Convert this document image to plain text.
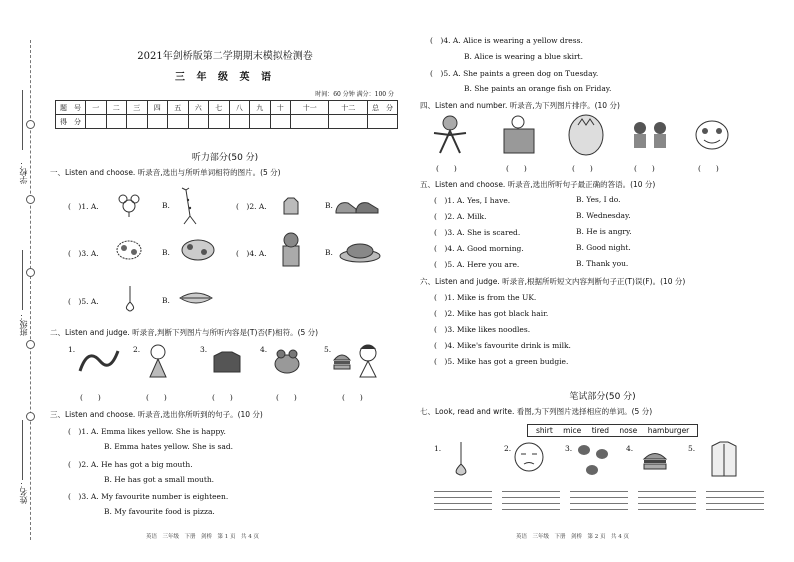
学校：
班级：
姓名：
2021年剑桥版第二学期期末模拟检测卷
三 年 级 英 语
时间：60 分钟 满分：100 分
题　号	一	二	三	四	五	六	七	八	九	十	十一	十二	总　分
得　分													
听力部分(50 分)
一、Listen and choose. 听录音,选出与所听单词相符的图片。(5 分)
(　)1. A.	B.	(　)2. A.	B.
(　)3. A.	B.	(　)4. A.	B.
(　)5. A.	B.
二、Listen and judge. 听录音,判断下列图片与所听内容是(T)否(F)相符。(5 分)
1.	2.	3.	4.	5.
(　　)	(　　)	(　　)	(　　)	(　　)
三、Listen and choose. 听录音,选出你所听到的句子。(10 分)
(　)1. A. Emma likes yellow. She is happy.
B. Emma hates yellow. She is sad.
(　)2. A. He has got a big mouth.
B. He has got a small mouth.
(　)3. A. My favourite number is eighteen.
B. My favourite food is pizza.
英语　三年级　下册　剑桥　第 1 页　共 4 页
(　)4. A. Alice is wearing a yellow dress.
B. Alice is wearing a blue skirt.
(　)5. A. She paints a green dog on Tuesday.
B. She paints an orange fish on Friday.
四、Listen and number. 听录音,为下列图片排序。(10 分)
(　　)	(　　)	(　　)	(　　)	(　　)
五、Listen and choose. 听录音,选出所听句子最正确的答语。(10 分)
(　)1. A. Yes, I have.	B. Yes, I do.
(　)2. A. Milk.	B. Wednesday.
(　)3. A. She is scared.	B. He is angry.
(　)4. A. Good morning.	B. Good night.
(　)5. A. Here you are.	B. Thank you.
六、Listen and judge. 听录音,根据所听短文内容判断句子正(T)误(F)。(10 分)
(　)1. Mike is from the UK.
(　)2. Mike has got black hair.
(　)3. Mike likes noodles.
(　)4. Mike's favourite drink is milk.
(　)5. Mike has got a green budgie.
笔试部分(50 分)
七、Look, read and write. 看图,为下列图片选择相应的单词。(5 分)
shirt mice tired nose hamburger
1.	2.	3.	4.	5.
英语　三年级　下册　剑桥　第 2 页　共 4 页
